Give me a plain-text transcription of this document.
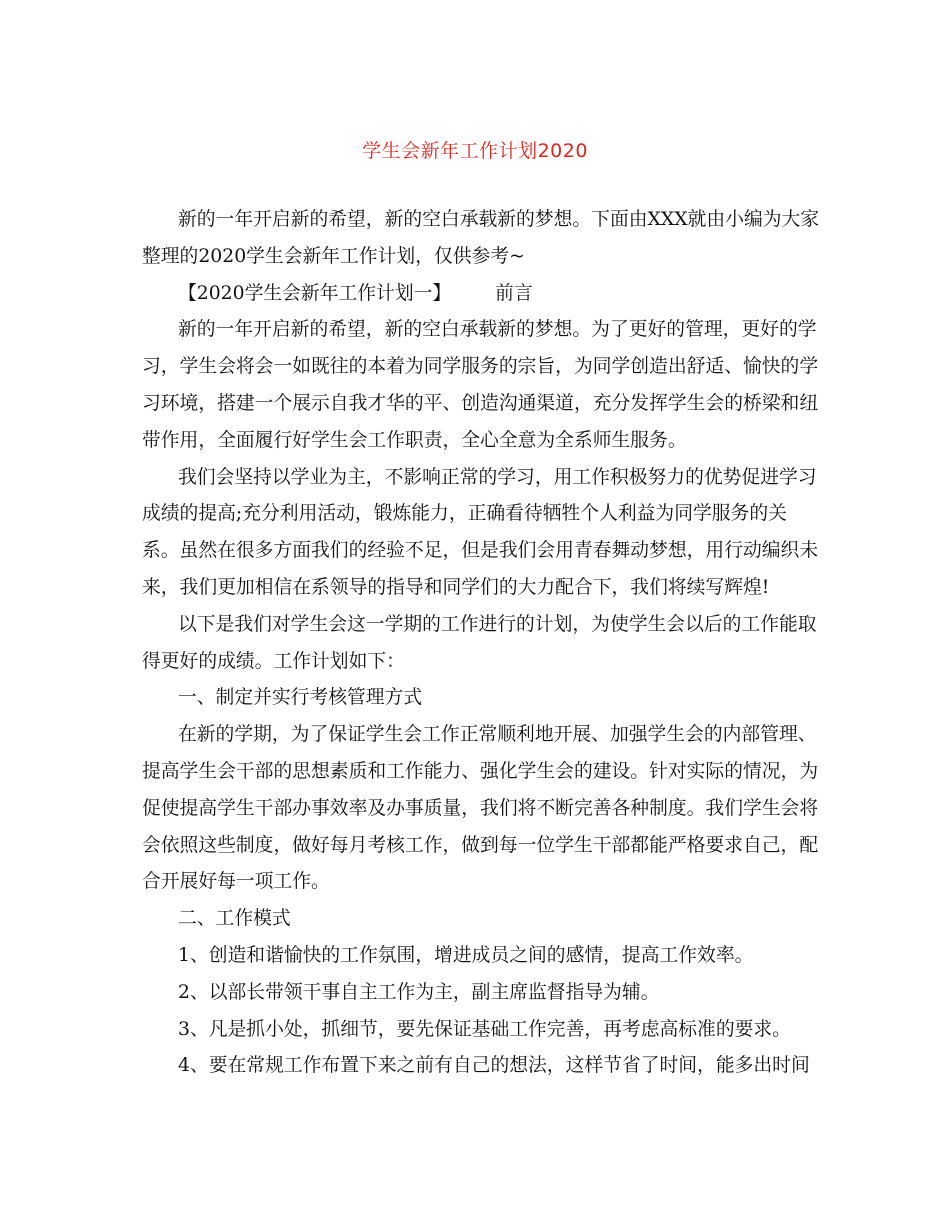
学生会新年工作计划2020
新的一年开启新的希望，新的空白承载新的梦想。下面由XXX就由小编为大家
整理的2020学生会新年工作计划，仅供参考~
【2020学生会新年工作计划一】 前言
新的一年开启新的希望，新的空白承载新的梦想。为了更好的管理，更好的学
习，学生会将会一如既往的本着为同学服务的宗旨，为同学创造出舒适、愉快的学
习环境，搭建一个展示自我才华的平、创造沟通渠道，充分发挥学生会的桥梁和纽
带作用，全面履行好学生会工作职责，全心全意为全系师生服务。
我们会坚持以学业为主，不影响正常的学习，用工作积极努力的优势促进学习
成绩的提高;充分利用活动，锻炼能力，正确看待牺牲个人利益为同学服务的关
系。虽然在很多方面我们的经验不足，但是我们会用青春舞动梦想，用行动编织未
来，我们更加相信在系领导的指导和同学们的大力配合下，我们将续写辉煌!
以下是我们对学生会这一学期的工作进行的计划，为使学生会以后的工作能取
得更好的成绩。工作计划如下：
一、制定并实行考核管理方式
在新的学期，为了保证学生会工作正常顺利地开展、加强学生会的内部管理、
提高学生会干部的思想素质和工作能力、强化学生会的建设。针对实际的情况，为
促使提高学生干部办事效率及办事质量，我们将不断完善各种制度。我们学生会将
会依照这些制度，做好每月考核工作，做到每一位学生干部都能严格要求自己，配
合开展好每一项工作。
二、工作模式
1、创造和谐愉快的工作氛围，增进成员之间的感情，提高工作效率。
2、以部长带领干事自主工作为主，副主席监督指导为辅。
3、凡是抓小处，抓细节，要先保证基础工作完善，再考虑高标准的要求。
4、要在常规工作布置下来之前有自己的想法，这样节省了时间，能多出时间
